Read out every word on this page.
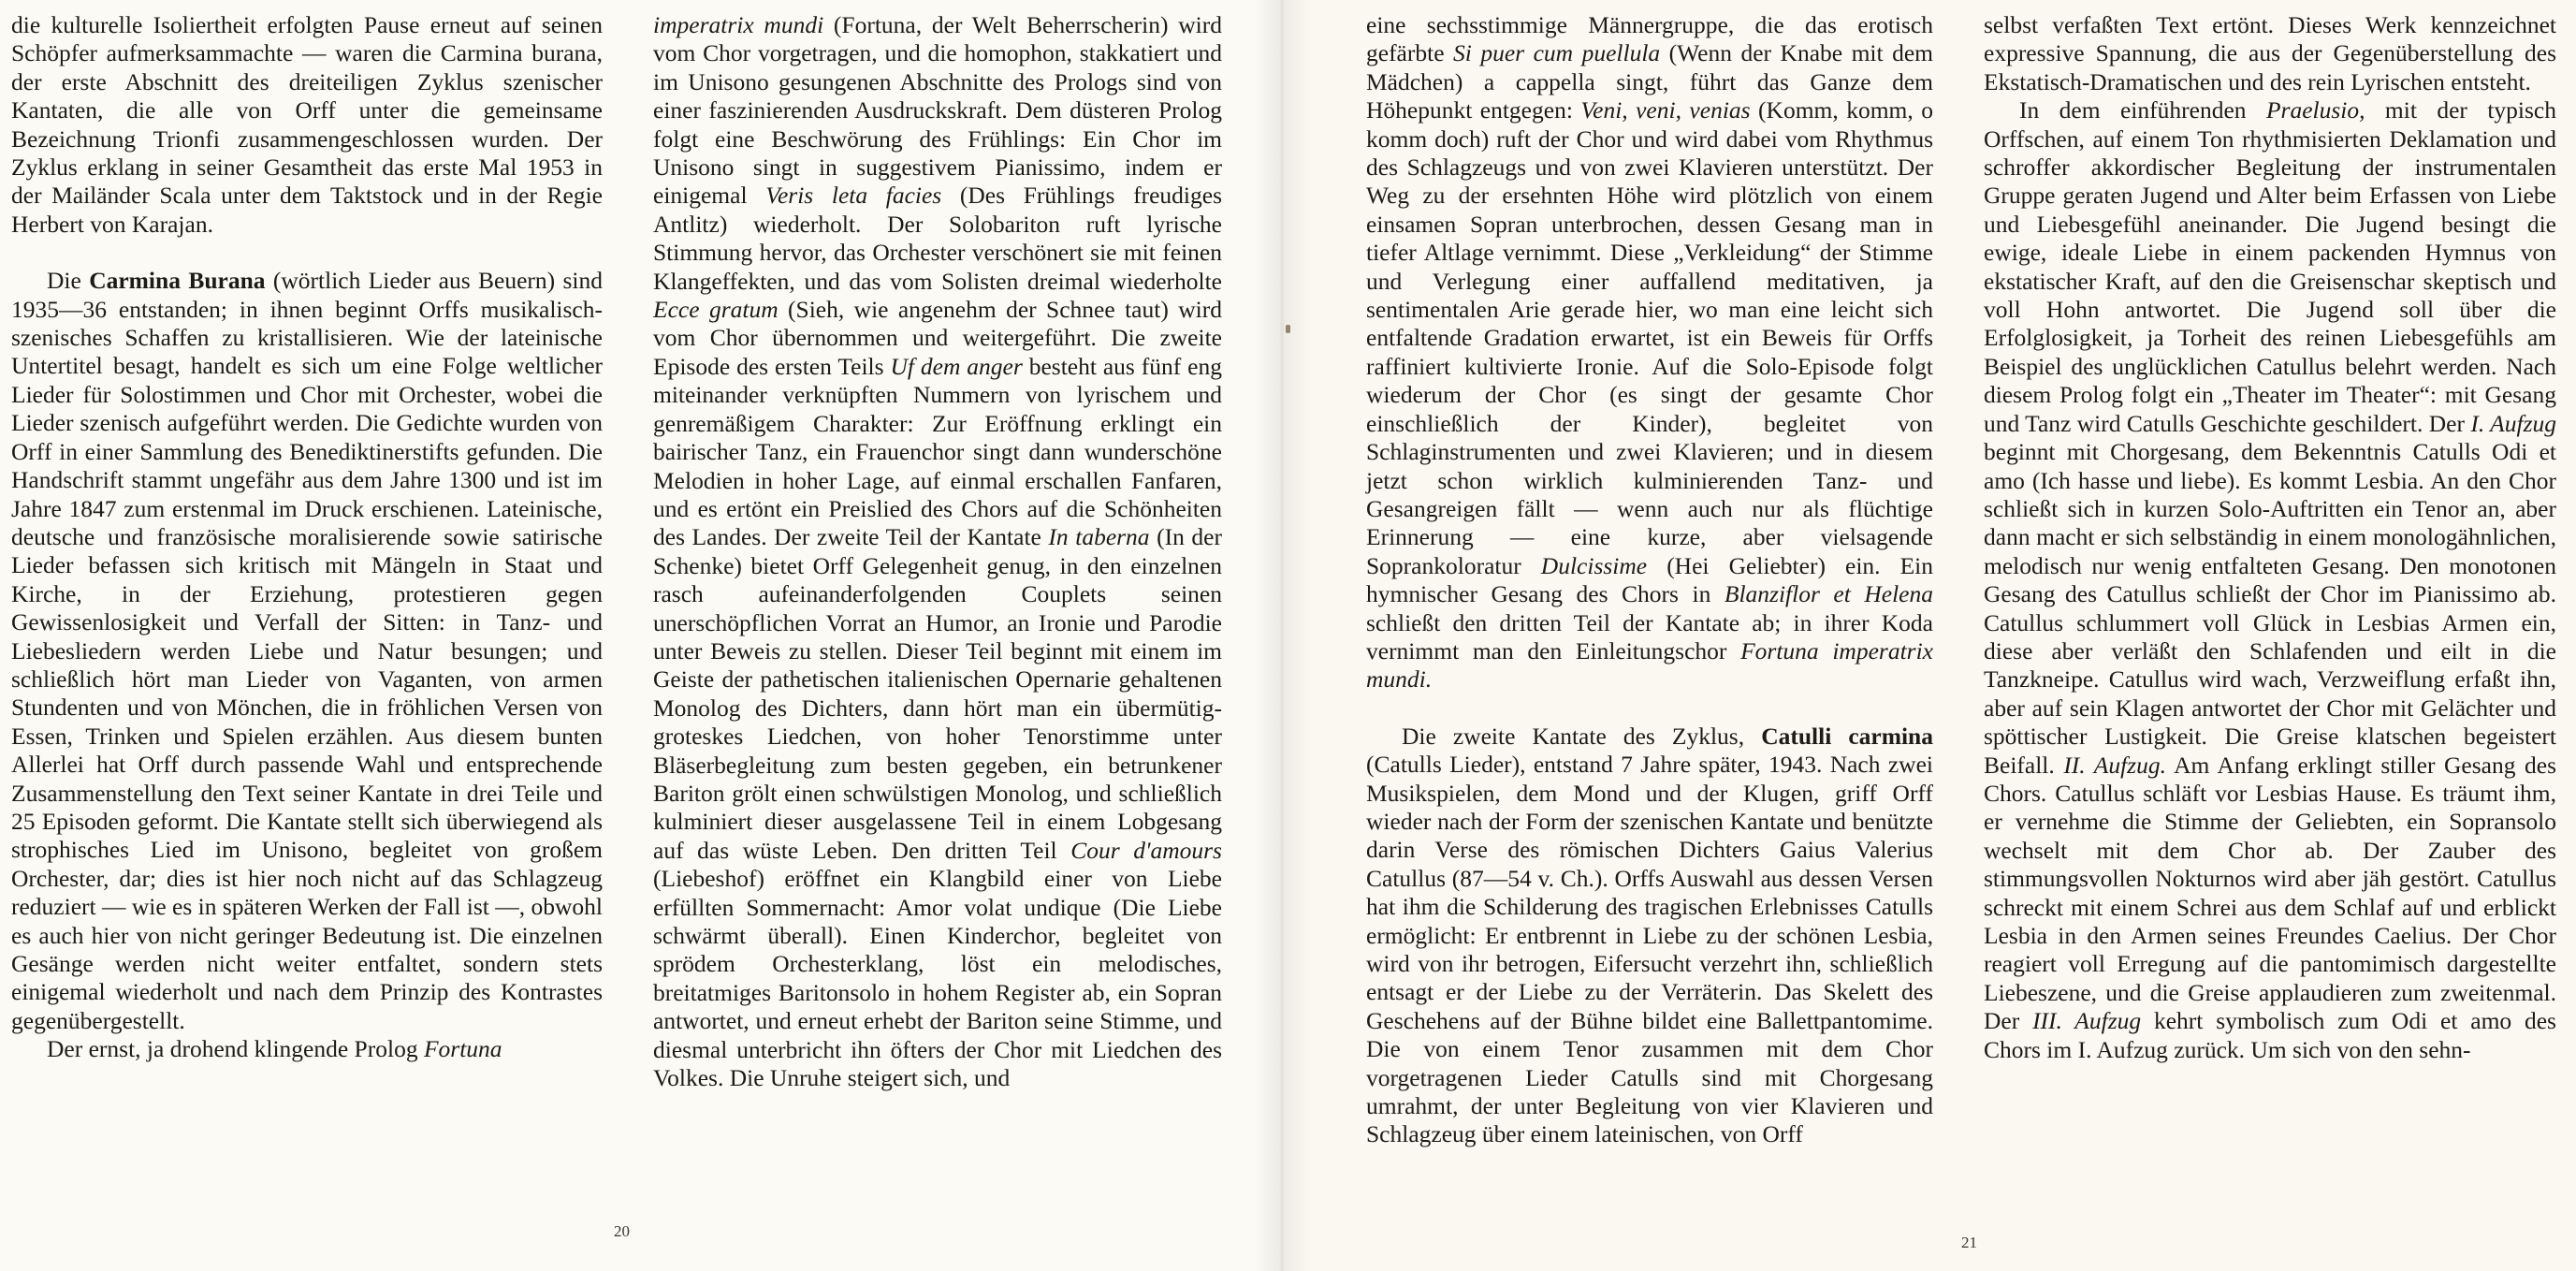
die kulturelle Isoliertheit erfolgten Pause erneut auf seinen Schöpfer aufmerksammachte — waren die Carmina burana, der erste Abschnitt des dreiteiligen Zyklus szenischer Kantaten, die alle von Orff unter die gemeinsame Bezeichnung Trionfi zusammengeschlossen wurden. Der Zyklus erklang in seiner Gesamtheit das erste Mal 1953 in der Mailänder Scala unter dem Taktstock und in der Regie Herbert von Karajan.

Die Carmina Burana (wörtlich Lieder aus Beuern) sind 1935—36 entstanden; in ihnen beginnt Orffs musikalisch-szenisches Schaffen zu kristallisieren. Wie der lateinische Untertitel besagt, handelt es sich um eine Folge weltlicher Lieder für Solostimmen und Chor mit Orchester, wobei die Lieder szenisch aufgeführt werden. Die Gedichte wurden von Orff in einer Sammlung des Benediktinerstifts gefunden. Die Handschrift stammt ungefähr aus dem Jahre 1300 und ist im Jahre 1847 zum erstenmal im Druck erschienen. Lateinische, deutsche und französische moralisierende sowie satirische Lieder befassen sich kritisch mit Mängeln in Staat und Kirche, in der Erziehung, protestieren gegen Gewissenlosigkeit und Verfall der Sitten: in Tanz- und Liebesliedern werden Liebe und Natur besungen; und schließlich hört man Lieder von Vaganten, von armen Stundenten und von Mönchen, die in fröhlichen Versen von Essen, Trinken und Spielen erzählen. Aus diesem bunten Allerlei hat Orff durch passende Wahl und entsprechende Zusammenstellung den Text seiner Kantate in drei Teile und 25 Episoden geformt. Die Kantate stellt sich überwiegend als strophisches Lied im Unisono, begleitet von großem Orchester, dar; dies ist hier noch nicht auf das Schlagzeug reduziert — wie es in späteren Werken der Fall ist —, obwohl es auch hier von nicht geringer Bedeutung ist. Die einzelnen Gesänge werden nicht weiter entfaltet, sondern stets einigemal wiederholt und nach dem Prinzip des Kontrastes gegenübergestellt.

Der ernst, ja drohend klingende Prolog Fortuna

imperatrix mundi (Fortuna, der Welt Beherrscherin) wird vom Chor vorgetragen, und die homophon, stakkatiert und im Unisono gesungenen Abschnitte des Prologs sind von einer faszinierenden Ausdruckskraft. Dem düsteren Prolog folgt eine Beschwörung des Frühlings: Ein Chor im Unisono singt in suggestivem Pianissimo, indem er einigemal Veris leta facies (Des Frühlings freudiges Antlitz) wiederholt. Der Solobariton ruft lyrische Stimmung hervor, das Orchester verschönert sie mit feinen Klangeffekten, und das vom Solisten dreimal wiederholte Ecce gratum (Sieh, wie angenehm der Schnee taut) wird vom Chor übernommen und weitergeführt. Die zweite Episode des ersten Teils Uf dem anger besteht aus fünf eng miteinander verknüpften Nummern von lyrischem und genremäßigem Charakter: Zur Eröffnung erklingt ein bairischer Tanz, ein Frauenchor singt dann wunderschöne Melodien in hoher Lage, auf einmal erschallen Fanfaren, und es ertönt ein Preislied des Chors auf die Schönheiten des Landes. Der zweite Teil der Kantate In taberna (In der Schenke) bietet Orff Gelegenheit genug, in den einzelnen rasch aufeinanderfolgenden Couplets seinen unerschöpflichen Vorrat an Humor, an Ironie und Parodie unter Beweis zu stellen. Dieser Teil beginnt mit einem im Geiste der pathetischen italienischen Opernarie gehaltenen Monolog des Dichters, dann hört man ein übermütig-groteskes Liedchen, von hoher Tenorstimme unter Bläserbegleitung zum besten gegeben, ein betrunkener Bariton grölt einen schwülstigen Monolog, und schließlich kulminiert dieser ausgelassene Teil in einem Lobgesang auf das wüste Leben. Den dritten Teil Cour d'amours (Liebeshof) eröffnet ein Klangbild einer von Liebe erfüllten Sommernacht: Amor volat undique (Die Liebe schwärmt überall). Einen Kinderchor, begleitet von sprödem Orchesterklang, löst ein melodisches, breitatmiges Baritonsolo in hohem Register ab, ein Sopran antwortet, und erneut erhebt der Bariton seine Stimme, und diesmal unterbricht ihn öfters der Chor mit Liedchen des Volkes. Die Unruhe steigert sich, und

eine sechsstimmige Männergruppe, die das erotisch gefärbte Si puer cum puellula (Wenn der Knabe mit dem Mädchen) a cappella singt, führt das Ganze dem Höhepunkt entgegen: Veni, veni, venias (Komm, komm, o komm doch) ruft der Chor und wird dabei vom Rhythmus des Schlagzeugs und von zwei Klavieren unterstützt. Der Weg zu der ersehnten Höhe wird plötzlich von einem einsamen Sopran unterbrochen, dessen Gesang man in tiefer Altlage vernimmt. Diese „Verkleidung“ der Stimme und Verlegung einer auffallend meditativen, ja sentimentalen Arie gerade hier, wo man eine leicht sich entfaltende Gradation erwartet, ist ein Beweis für Orffs raffiniert kultivierte Ironie. Auf die Solo-Episode folgt wiederum der Chor (es singt der gesamte Chor einschließlich der Kinder), begleitet von Schlaginstrumenten und zwei Klavieren; und in diesem jetzt schon wirklich kulminierenden Tanz- und Gesangreigen fällt — wenn auch nur als flüchtige Erinnerung — eine kurze, aber vielsagende Soprankoloratur Dulcissime (Hei Geliebter) ein. Ein hymnischer Gesang des Chors in Blanziflor et Helena schließt den dritten Teil der Kantate ab; in ihrer Koda vernimmt man den Einleitungschor Fortuna imperatrix mundi.

Die zweite Kantate des Zyklus, Catulli carmina (Catulls Lieder), entstand 7 Jahre später, 1943. Nach zwei Musikspielen, dem Mond und der Klugen, griff Orff wieder nach der Form der szenischen Kantate und benützte darin Verse des römischen Dichters Gaius Valerius Catullus (87—54 v. Ch.). Orffs Auswahl aus dessen Versen hat ihm die Schilderung des tragischen Erlebnisses Catulls ermöglicht: Er entbrennt in Liebe zu der schönen Lesbia, wird von ihr betrogen, Eifersucht verzehrt ihn, schließlich entsagt er der Liebe zu der Verräterin. Das Skelett des Geschehens auf der Bühne bildet eine Ballettpantomime. Die von einem Tenor zusammen mit dem Chor vorgetragenen Lieder Catulls sind mit Chorgesang umrahmt, der unter Begleitung von vier Klavieren und Schlagzeug über einem lateinischen, von Orff

selbst verfaßten Text ertönt. Dieses Werk kennzeichnet expressive Spannung, die aus der Gegenüberstellung des Ekstatisch-Dramatischen und des rein Lyrischen entsteht.

In dem einführenden Praelusio, mit der typisch Orffschen, auf einem Ton rhythmisierten Deklamation und schroffer akkordischer Begleitung der instrumentalen Gruppe geraten Jugend und Alter beim Erfassen von Liebe und Liebesgefühl aneinander. Die Jugend besingt die ewige, ideale Liebe in einem packenden Hymnus von ekstatischer Kraft, auf den die Greisenschar skeptisch und voll Hohn antwortet. Die Jugend soll über die Erfolglosigkeit, ja Torheit des reinen Liebesgefühls am Beispiel des unglücklichen Catullus belehrt werden. Nach diesem Prolog folgt ein „Theater im Theater“: mit Gesang und Tanz wird Catulls Geschichte geschildert. Der I. Aufzug beginnt mit Chorgesang, dem Bekenntnis Catulls Odi et amo (Ich hasse und liebe). Es kommt Lesbia. An den Chor schließt sich in kurzen Solo-Auftritten ein Tenor an, aber dann macht er sich selbständig in einem monologähnlichen, melodisch nur wenig entfalteten Gesang. Den monotonen Gesang des Catullus schließt der Chor im Pianissimo ab. Catullus schlummert voll Glück in Lesbias Armen ein, diese aber verläßt den Schlafenden und eilt in die Tanzkneipe. Catullus wird wach, Verzweiflung erfaßt ihn, aber auf sein Klagen antwortet der Chor mit Gelächter und spöttischer Lustigkeit. Die Greise klatschen begeistert Beifall. II. Aufzug. Am Anfang erklingt stiller Gesang des Chors. Catullus schläft vor Lesbias Hause. Es träumt ihm, er vernehme die Stimme der Geliebten, ein Sopransolo wechselt mit dem Chor ab. Der Zauber des stimmungsvollen Nokturnos wird aber jäh gestört. Catullus schreckt mit einem Schrei aus dem Schlaf auf und erblickt Lesbia in den Armen seines Freundes Caelius. Der Chor reagiert voll Erregung auf die pantomimisch dargestellte Liebeszene, und die Greise applaudieren zum zweitenmal. Der III. Aufzug kehrt symbolisch zum Odi et amo des Chors im I. Aufzug zurück. Um sich von den sehn-

20
21
